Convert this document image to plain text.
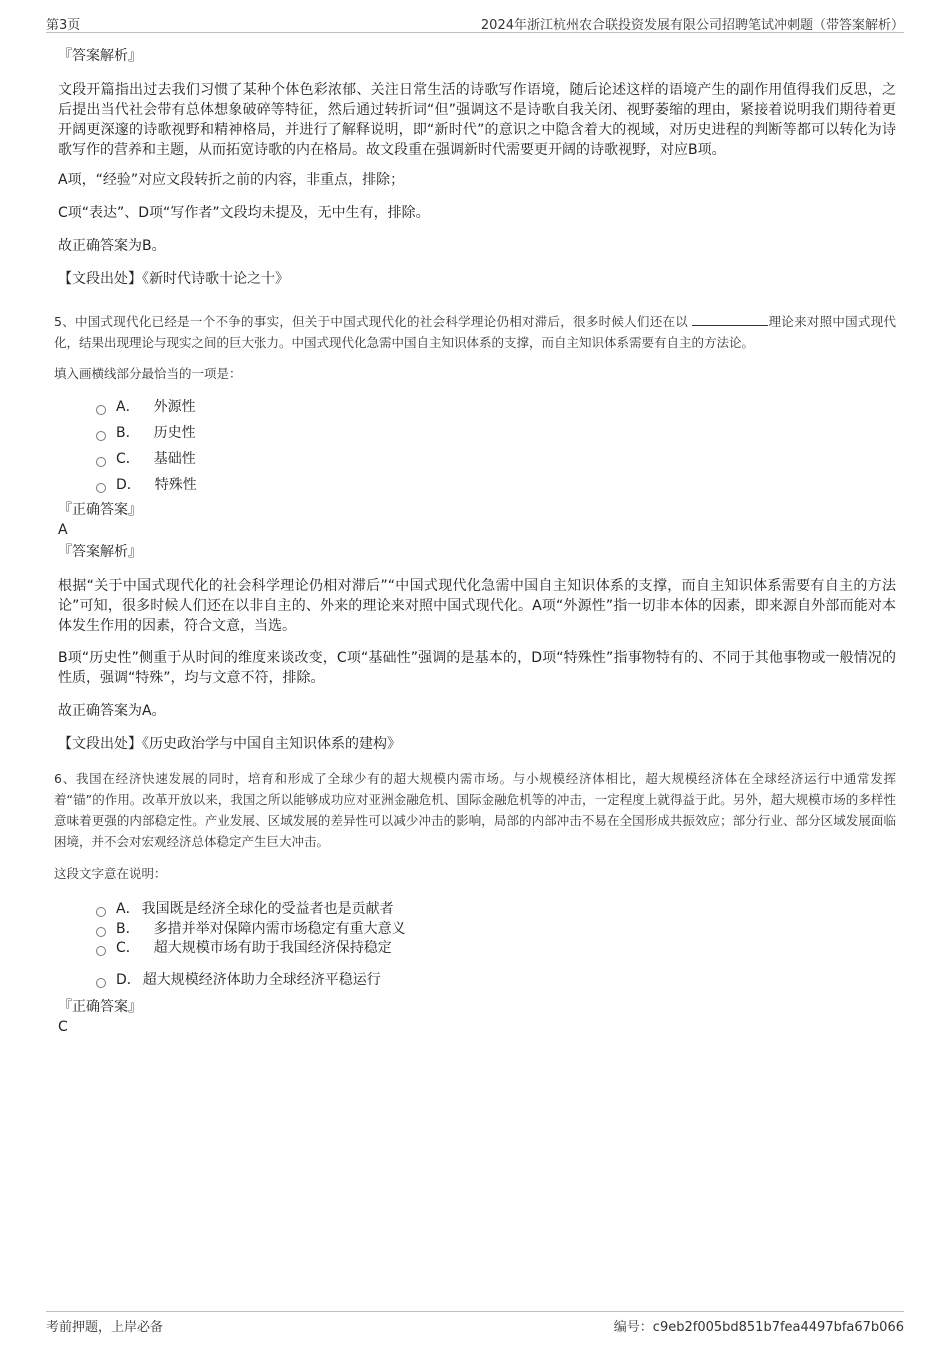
第3页	2024年浙江杭州农合联投资发展有限公司招聘笔试冲刺题（带答案解析）

『答案解析』

文段开篇指出过去我们习惯了某种个体色彩浓郁、关注日常生活的诗歌写作语境，随后论述这样的语境产生的副作用值得我们反思，之后提出当代社会带有总体想象破碎等特征，然后通过转折词“但”强调这不是诗歌自我关闭、视野萎缩的理由，紧接着说明我们期待着更开阔更深邃的诗歌视野和精神格局，并进行了解释说明，即“新时代”的意识之中隐含着大的视域，对历史进程的判断等都可以转化为诗歌写作的营养和主题，从而拓宽诗歌的内在格局。故文段重在强调新时代需要更开阔的诗歌视野，对应B项。

A项，“经验”对应文段转折之前的内容，非重点，排除；

C项“表达”、D项“写作者”文段均未提及，无中生有，排除。

故正确答案为B。

【文段出处】《新时代诗歌十论之十》

5、中国式现代化已经是一个不争的事实，但关于中国式现代化的社会科学理论仍相对滞后，很多时候人们还在以	理论来对照中国式现代化，结果出现理论与现实之间的巨大张力。中国式现代化急需中国自主知识体系的支撑，而自主知识体系需要有自主的方法论。

填入画横线部分最恰当的一项是：

A． 外源性
B． 历史性
C． 基础性
D． 特殊性

『正确答案』

A

『答案解析』

根据“关于中国式现代化的社会科学理论仍相对滞后”“中国式现代化急需中国自主知识体系的支撑，而自主知识体系需要有自主的方法论”可知，很多时候人们还在以非自主的、外来的理论来对照中国式现代化。A项“外源性”指一切非本体的因素，即来源自外部而能对本体发生作用的因素，符合文意，当选。

B项“历史性”侧重于从时间的维度来谈改变，C项“基础性”强调的是基本的，D项“特殊性”指事物特有的、不同于其他事物或一般情况的性质，强调“特殊”，均与文意不符，排除。

故正确答案为A。

【文段出处】《历史政治学与中国自主知识体系的建构》

6、我国在经济快速发展的同时，培育和形成了全球少有的超大规模内需市场。与小规模经济体相比，超大规模经济体在全球经济运行中通常发挥着“锚”的作用。改革开放以来，我国之所以能够成功应对亚洲金融危机、国际金融危机等的冲击，一定程度上就得益于此。另外，超大规模市场的多样性意味着更强的内部稳定性。产业发展、区域发展的差异性可以减少冲击的影响，局部的内部冲击不易在全国形成共振效应；部分行业、部分区域发展面临困境，并不会对宏观经济总体稳定产生巨大冲击。

这段文字意在说明：

A． 我国既是经济全球化的受益者也是贡献者
B． 多措并举对保障内需市场稳定有重大意义
C． 超大规模市场有助于我国经济保持稳定
D． 超大规模经济体助力全球经济平稳运行

『正确答案』

C

考前押题，上岸必备	编号：c9eb2f005bd851b7fea4497bfa67b066
